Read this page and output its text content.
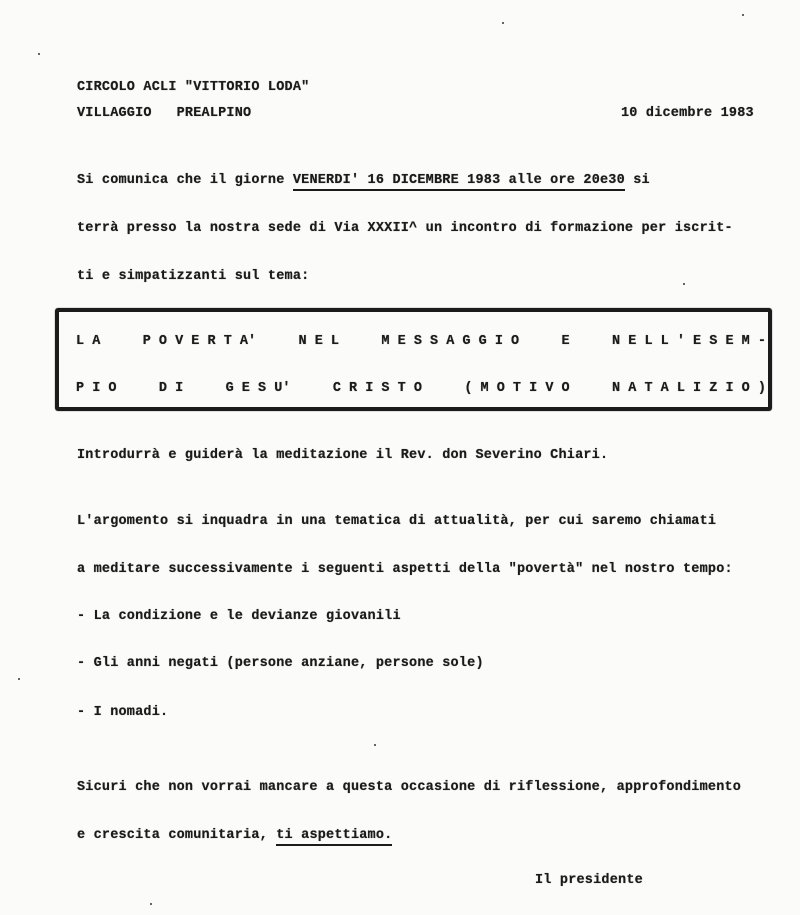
CIRCOLO ACLI "VITTORIO LODA"
VILLAGGIO   PREALPINO	10 dicembre 1983
Si comunica che il giorne VENERDI' 16 DICEMBRE 1983 alle ore 20e30 si
terrà presso la nostra sede di Via XXXII^ un incontro di formazione per iscrit-
ti e simpatizzanti sul tema:
L A	P O V E R T A'	N E L	M E S S A G G I O	E	N E L L ' E S E M -
P I O	D I	G E S U'	C R I S T O	( M O T I V O	N A T A L I Z I O )
Introdurrà e guiderà la meditazione il Rev. don Severino Chiari.
L'argomento si inquadra in una tematica di attualità, per cui saremo chiamati
a meditare successivamente i seguenti aspetti della "povertà" nel nostro tempo:
- La condizione e le devianze giovanili
- Gli anni negati (persone anziane, persone sole)
- I nomadi.
Sicuri che non vorrai mancare a questa occasione di riflessione, approfondimento
e crescita comunitaria, ti aspettiamo.
Il presidente
